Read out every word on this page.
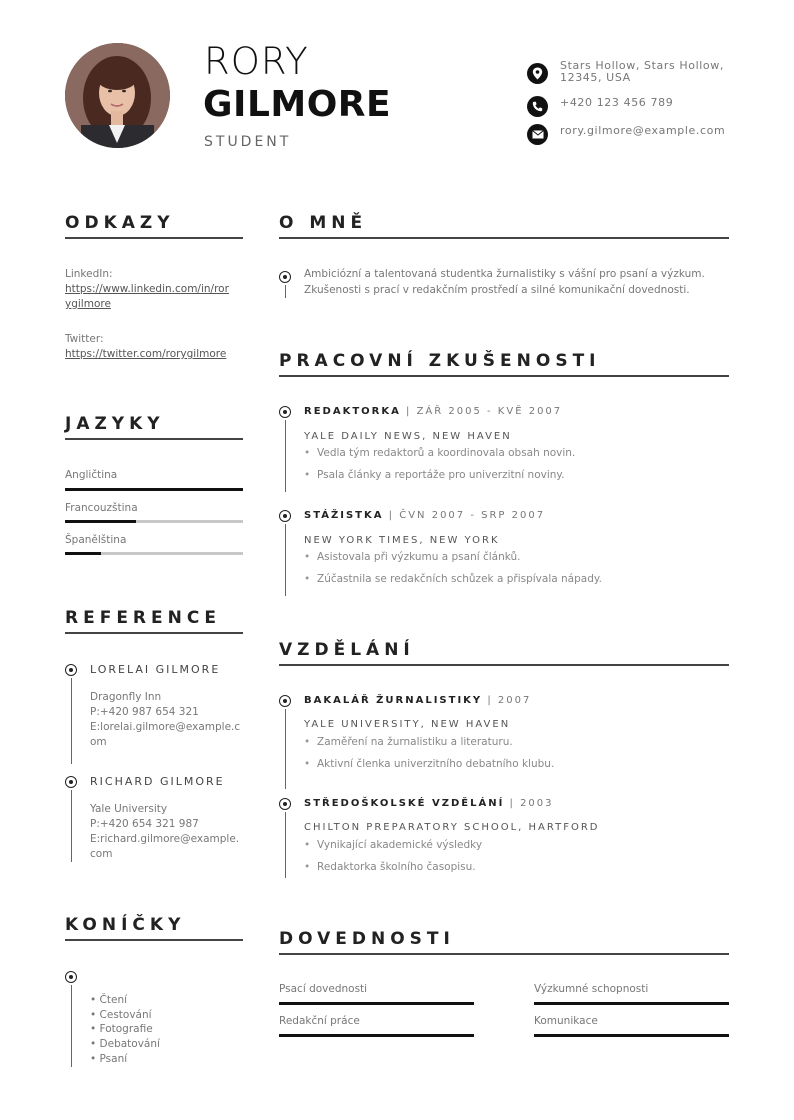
RORY
GILMORE
STUDENT
Stars Hollow, Stars Hollow,
12345, USA
+420 123 456 789
rory.gilmore@example.com
ODKAZY
LinkedIn:
https://www.linkedin.com/in/ror
ygilmore
Twitter:
https://twitter.com/rorygilmore
JAZYKY
Angličtina
Francouzština
Španělština
REFERENCE
LORELAI GILMORE
Dragonfly Inn
P:+420 987 654 321
E:lorelai.gilmore@example.c
om
RICHARD GILMORE
Yale University
P:+420 654 321 987
E:richard.gilmore@example.
com
KONÍČKY
• Čtení
• Cestování
• Fotografie
• Debatování
• Psaní
O MNĚ
Ambiciózní a talentovaná studentka žurnalistiky s vášní pro psaní a výzkum.
Zkušenosti s prací v redakčním prostředí a silné komunikační dovednosti.
PRACOVNÍ ZKUŠENOSTI
REDAKTORKA | ZÁŘ 2005 - KVĚ 2007
YALE DAILY NEWS, NEW HAVEN
• Vedla tým redaktorů a koordinovala obsah novin.
• Psala články a reportáže pro univerzitní noviny.
STÁŽISTKA | ČVN 2007 - SRP 2007
NEW YORK TIMES, NEW YORK
• Asistovala při výzkumu a psaní článků.
• Zúčastnila se redakčních schůzek a přispívala nápady.
VZDĚLÁNÍ
BAKALÁŘ ŽURNALISTIKY | 2007
YALE UNIVERSITY, NEW HAVEN
• Zaměření na žurnalistiku a literaturu.
• Aktivní členka univerzitního debatního klubu.
STŘEDOŠKOLSKÉ VZDĚLÁNÍ | 2003
CHILTON PREPARATORY SCHOOL, HARTFORD
• Vynikající akademické výsledky
• Redaktorka školního časopisu.
DOVEDNOSTI
Psací dovednosti	Výzkumné schopnosti
Redakční práce	Komunikace
